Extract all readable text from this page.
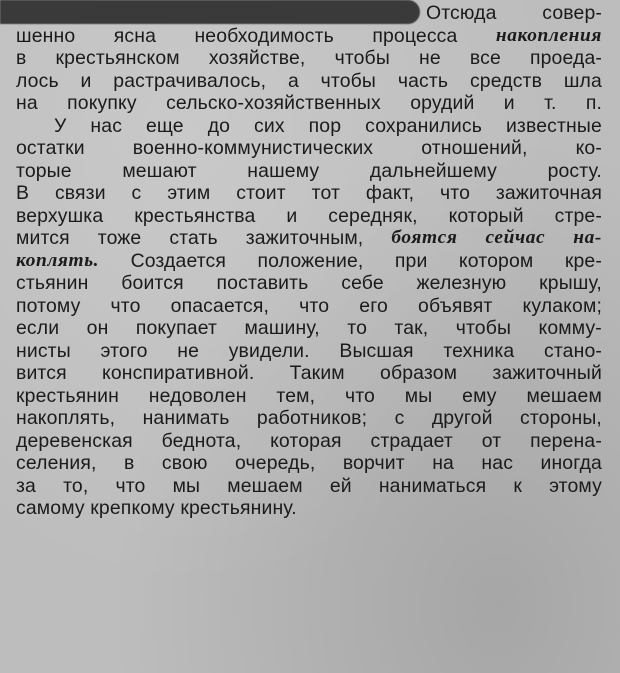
Отсюда совер-
шенно ясна необходимость процесса накопления
в крестьянском хозяйстве, чтобы не все проеда-
лось и растрачивалось, а чтобы часть средств шла
на покупку сельско-хозяйственных орудий и т. п.
У нас еще до сих пор сохранились известные
остатки военно-коммунистических отношений, ко-
торые	мешают	нашему	дальнейшему	росту.
В связи с этим стоит тот факт, что зажиточная
верхушка крестьянства и середняк, который стре-
мится тоже стать зажиточным, боятся сейчас на-
коплять. Создается положение, при котором кре-
стьянин боится поставить себе железную крышу,
потому что опасается, что его объявят кулаком;
если он покупает машину, то так, чтобы комму-
нисты этого не увидели. Высшая техника стано-
вится конспиративной. Таким образом зажиточный
крестьянин недоволен тем, что мы ему мешаем
накоплять, нанимать работников; с другой стороны,
деревенская беднота, которая страдает от перена-
селения, в свою очередь, ворчит на нас иногда
за то, что мы мешаем ей наниматься к этому
самому
крепкому
крестьянину.
